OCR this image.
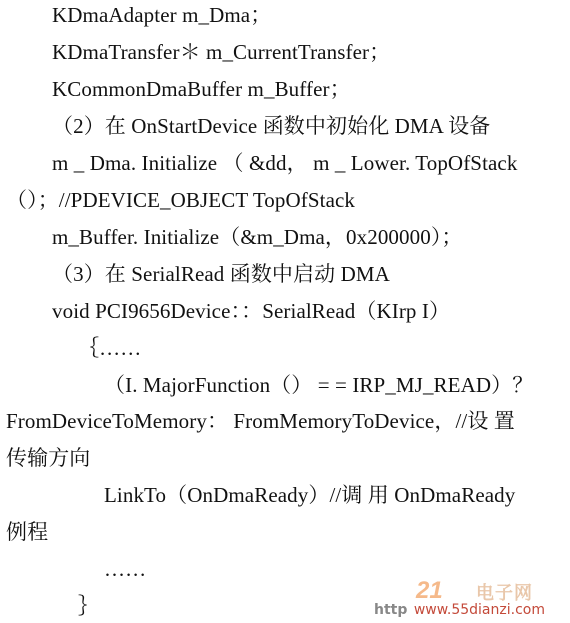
KDmaAdapter m_Dma；
KDmaTransfer＊ m_CurrentTransfer；
KCommonDmaBuffer m_Buffer；
（2）在 OnStartDevice 函数中初始化 DMA 设备
m _ Dma. Initialize （ &dd， m _ Lower. TopOfStack
（）；//PDEVICE_OBJECT TopOfStack
m_Buffer. Initialize（&m_Dma，0x200000）；
（3）在 SerialRead 函数中启动 DMA
void PCI9656Device：：SerialRead（KIrp I）
｛……
（I. MajorFunction（） = = IRP_MJ_READ）？
FromDeviceToMemory： FromMemoryToDevice，//设 置
传输方向
LinkTo（OnDmaReady）//调 用 OnDmaReady
例程
……
｝
21 电子网
http www.55dianzi.com
